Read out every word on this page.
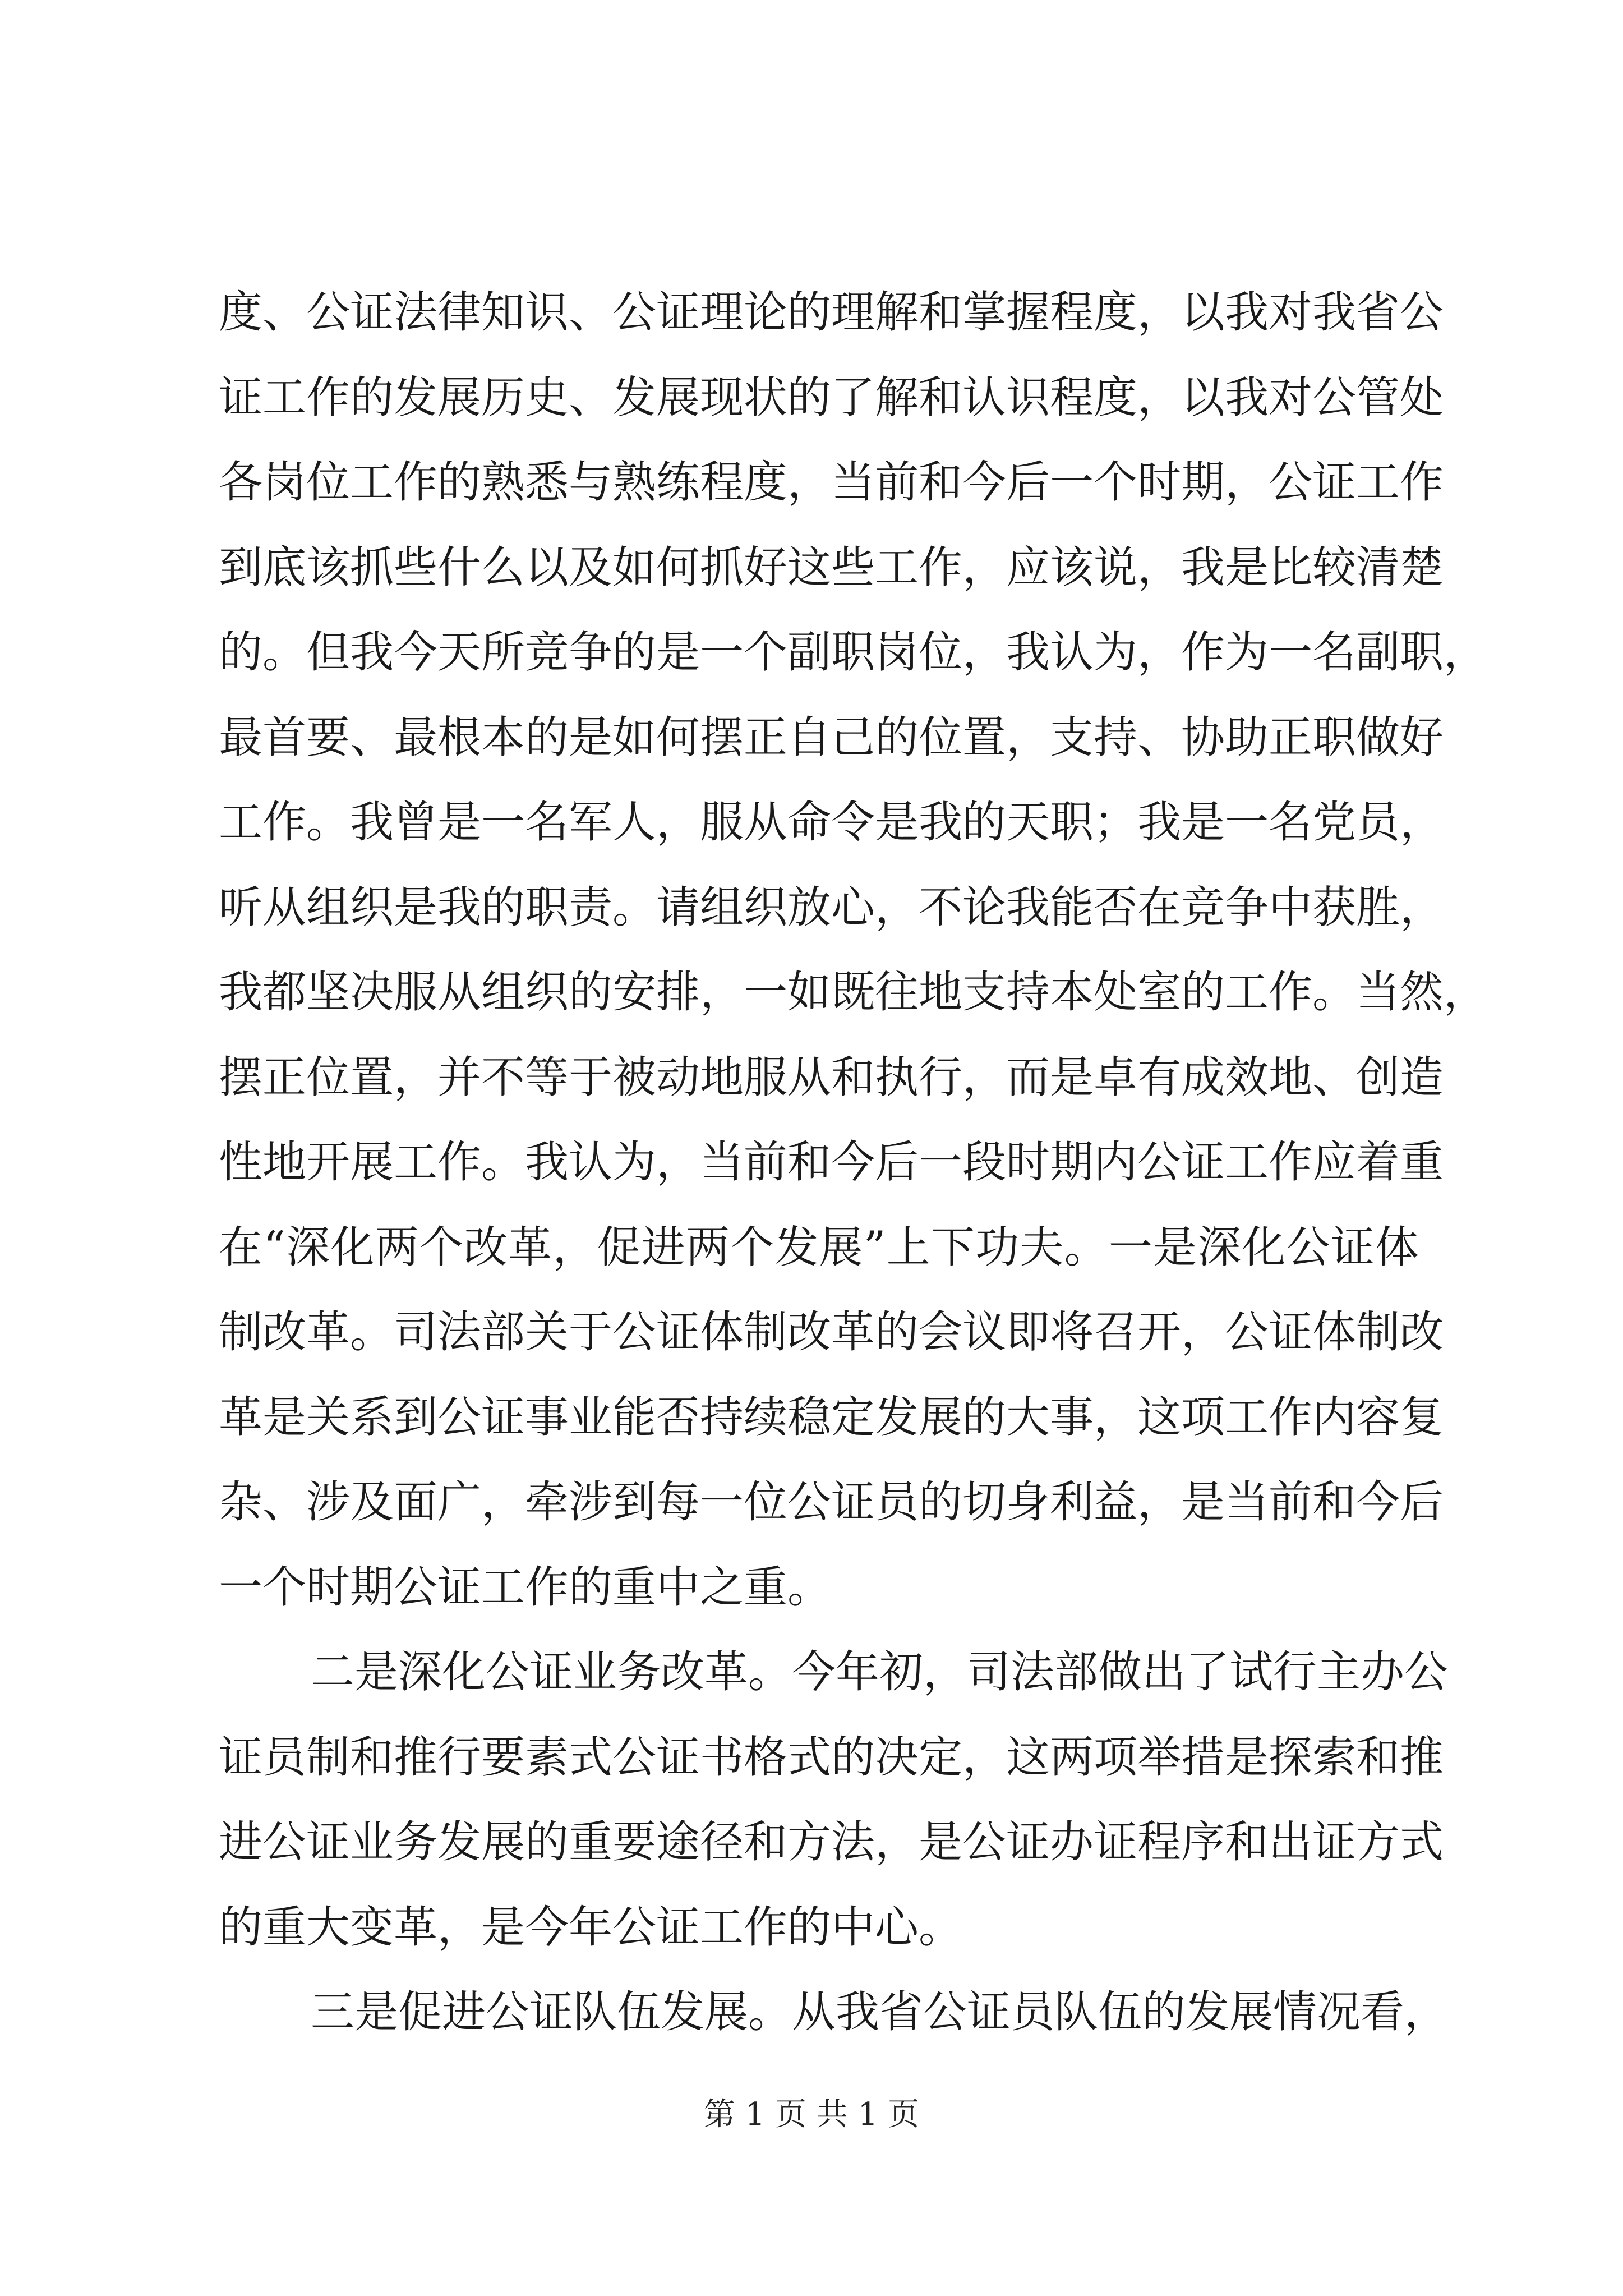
度、公证法律知识、公证理论的理解和掌握程度，以我对我省公
证工作的发展历史、发展现状的了解和认识程度，以我对公管处
各岗位工作的熟悉与熟练程度，当前和今后一个时期，公证工作
到底该抓些什么以及如何抓好这些工作，应该说，我是比较清楚
的。但我今天所竞争的是一个副职岗位，我认为，作为一名副职，
最首要、最根本的是如何摆正自己的位置，支持、协助正职做好
工作。我曾是一名军人，服从命令是我的天职；我是一名党员，
听从组织是我的职责。请组织放心，不论我能否在竞争中获胜，
我都坚决服从组织的安排，一如既往地支持本处室的工作。当然，
摆正位置，并不等于被动地服从和执行，而是卓有成效地、创造
性地开展工作。我认为，当前和今后一段时期内公证工作应着重
在“深化两个改革，促进两个发展”上下功夫。一是深化公证体
制改革。司法部关于公证体制改革的会议即将召开，公证体制改
革是关系到公证事业能否持续稳定发展的大事，这项工作内容复
杂、涉及面广，牵涉到每一位公证员的切身利益，是当前和今后
一个时期公证工作的重中之重。
二是深化公证业务改革。今年初，司法部做出了试行主办公
证员制和推行要素式公证书格式的决定，这两项举措是探索和推
进公证业务发展的重要途径和方法，是公证办证程序和出证方式
的重大变革，是今年公证工作的中心。
三是促进公证队伍发展。从我省公证员队伍的发展情况看，
第 1 页 共 1 页
